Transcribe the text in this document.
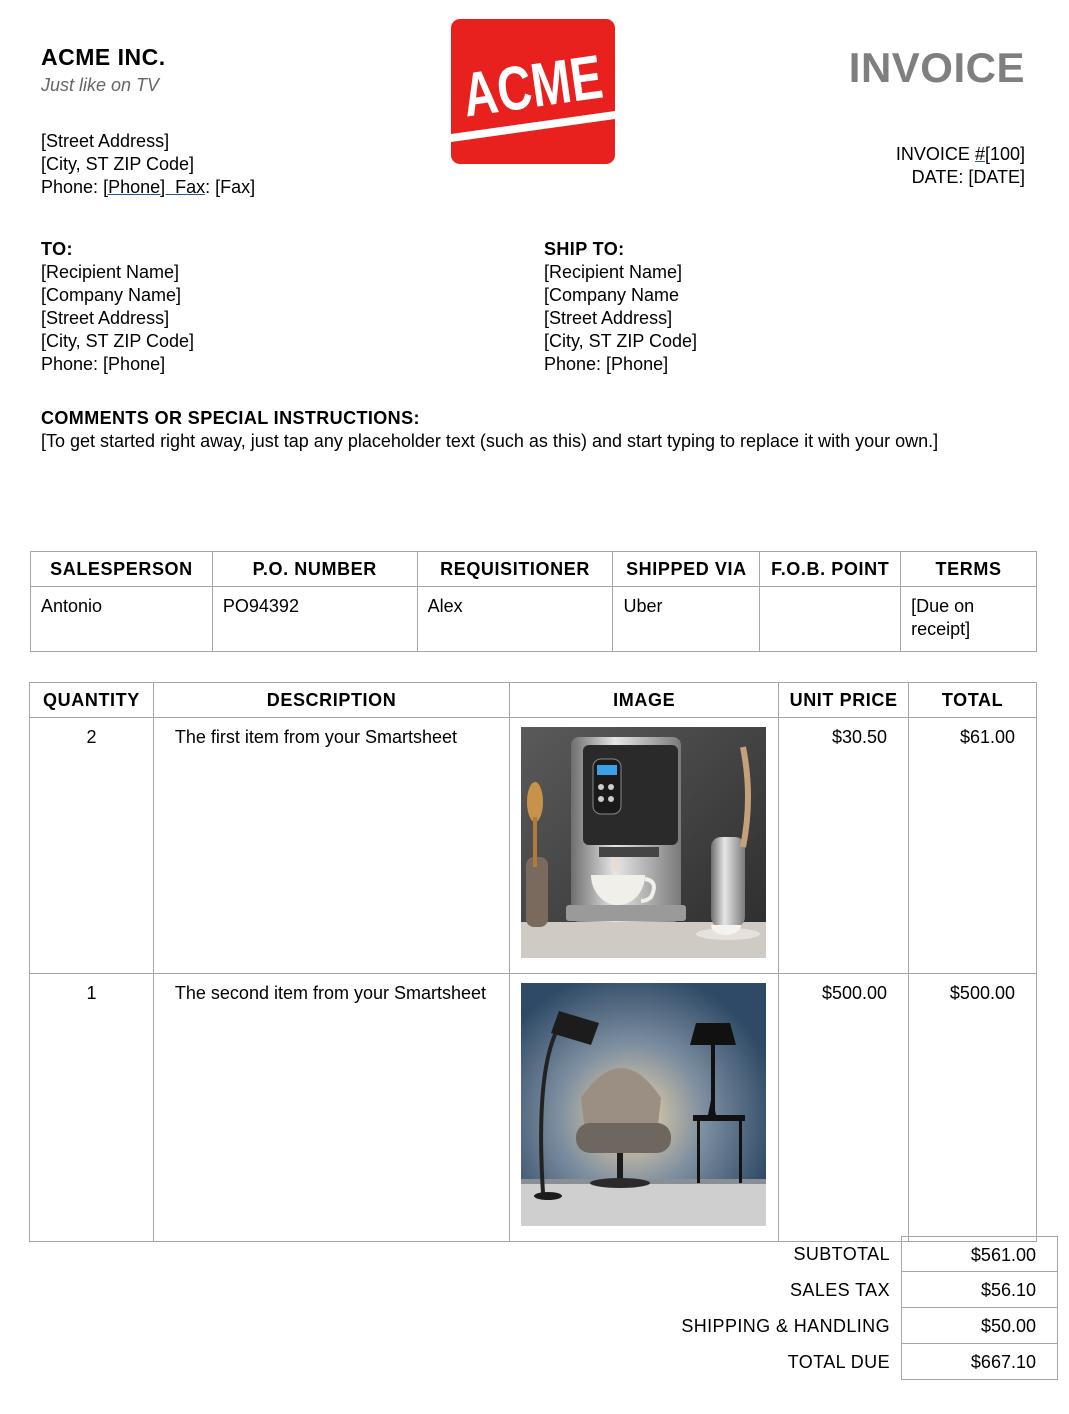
ACME INC.
Just like on TV
[Street Address]
[City, ST ZIP Code]
Phone: [Phone]  Fax: [Fax]
ACME	INVOICE
INVOICE #[100]
DATE: [DATE]
TO:
[Recipient Name]
[Company Name]
[Street Address]
[City, ST ZIP Code]
Phone: [Phone]
SHIP TO:
[Recipient Name]
[Company Name
[Street Address]
[City, ST ZIP Code]
Phone: [Phone]
COMMENTS OR SPECIAL INSTRUCTIONS:
[To get started right away, just tap any placeholder text (such as this) and start typing to replace it with your own.]
SALESPERSON	P.O. NUMBER	REQUISITIONER	SHIPPED VIA	F.O.B. POINT	TERMS
Antonio	PO94392	Alex	Uber		[Due on receipt]
QUANTITY	DESCRIPTION	IMAGE	UNIT PRICE	TOTAL
2	The first item from your Smartsheet		$30.50	$61.00
1	The second item from your Smartsheet		$500.00	$500.00
SUBTOTAL	$561.00
SALES TAX	$56.10
SHIPPING & HANDLING	$50.00
TOTAL DUE	$667.10
